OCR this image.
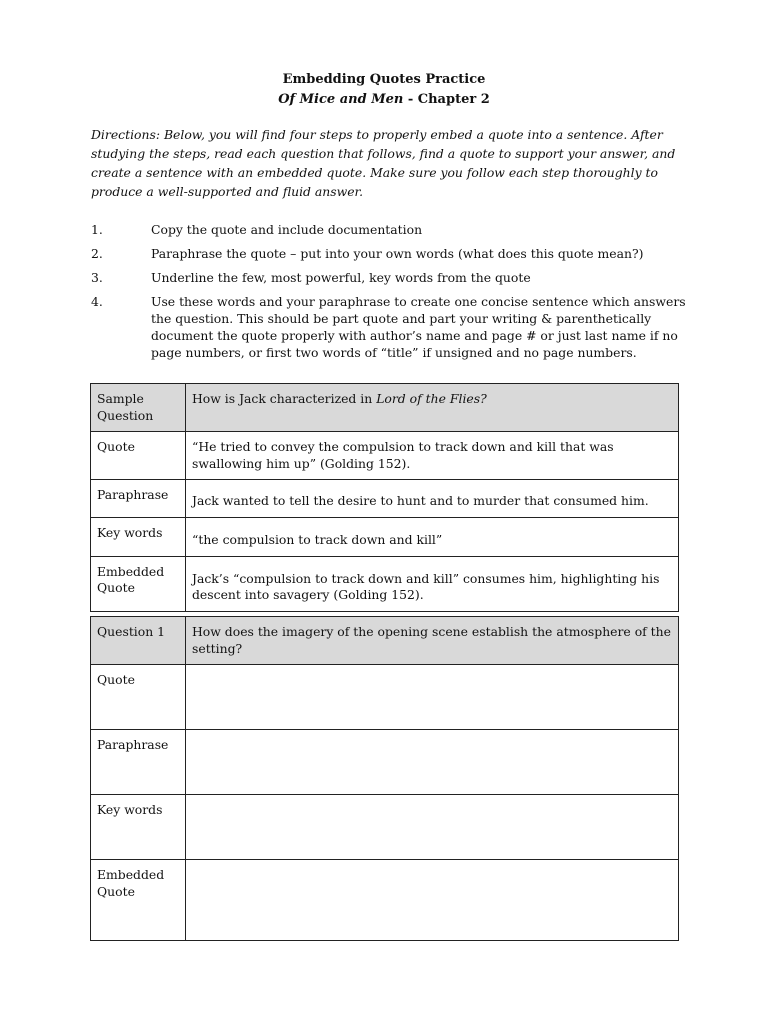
Embedding Quotes Practice
Of Mice and Men - Chapter 2
Directions: Below, you will find four steps to properly embed a quote into a sentence. After studying the steps, read each question that follows, find a quote to support your answer, and create a sentence with an embedded quote. Make sure you follow each step thoroughly to produce a well-supported and fluid answer.
1.	Copy the quote and include documentation
2.	Paraphrase the quote – put into your own words (what does this quote mean?)
3.	Underline the few, most powerful, key words from the quote
4.	Use these words and your paraphrase to create one concise sentence which answers the question. This should be part quote and part your writing & parenthetically document the quote properly with author’s name and page # or just last name if no page numbers, or first two words of “title” if unsigned and no page numbers.
Sample Question	How is Jack characterized in Lord of the Flies?
Quote	“He tried to convey the compulsion to track down and kill that was swallowing him up” (Golding 152).
Paraphrase	Jack wanted to tell the desire to hunt and to murder that consumed him.
Key words	“the compulsion to track down and kill”
Embedded Quote	Jack’s “compulsion to track down and kill” consumes him, highlighting his descent into savagery (Golding 152).
Question 1	How does the imagery of the opening scene establish the atmosphere of the setting?
Quote	
Paraphrase	
Key words	
Embedded Quote	
